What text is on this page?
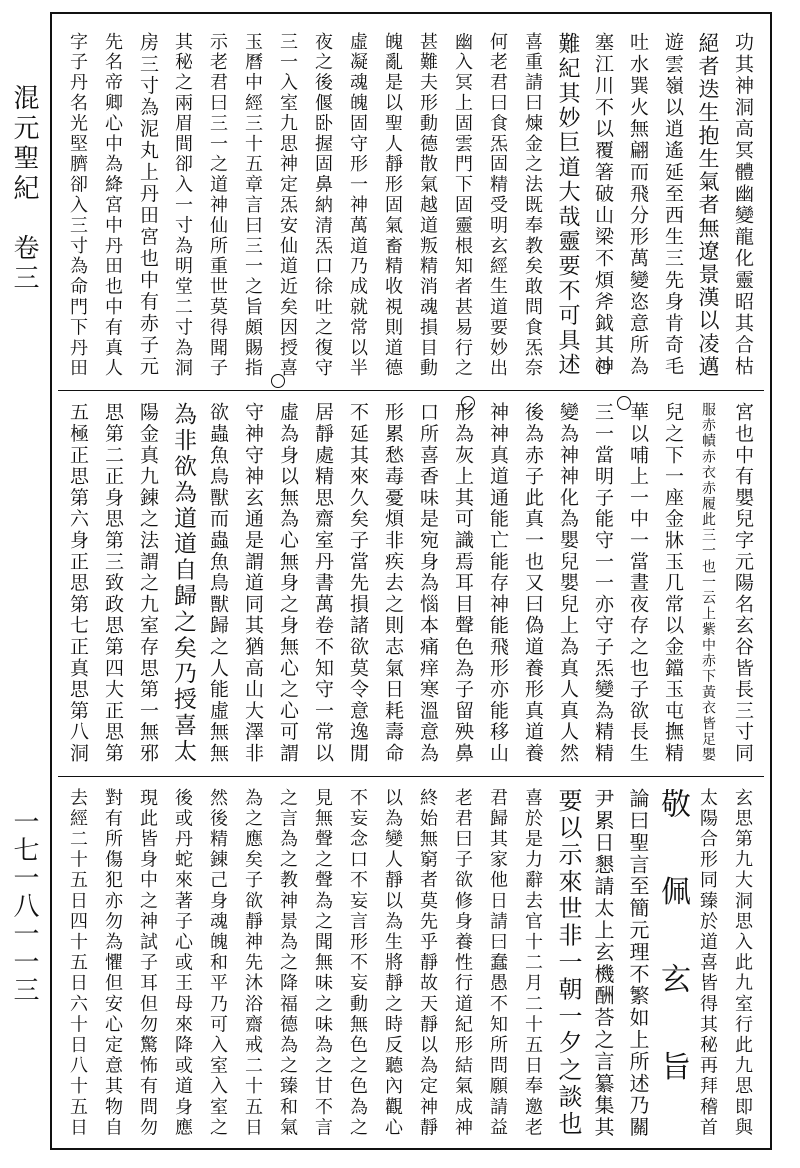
混元聖紀　卷三
一七一八一一三
功其神洞高冥體幽變龍化靈昭其合枯
絕者迭生抱生氣者無遼景漢以凌邁
遊雲嶺以逍遙延至西生三先身肯奇毛
吐水巽火無翩而飛分形萬變恣意所為
塞江川不以覆箸破山梁不煩斧鉞其神
難紀其妙巨道大哉靈要不可具述
喜重請曰煉金之法既奉教矣敢問食炁奈
何老君曰食炁固精受明玄經生道要妙出
幽入冥上固雲門下固靈根知者甚易行之
甚難夫形動德散氣越道叛精消魂損目動
魄亂是以聖人靜形固氣畜精收視則道德
虛凝魂魄固守形一神萬道乃成就常以半
夜之後偃卧握固鼻納清炁口徐吐之復守
三一入室九思神定炁安仙道近矣因授喜
玉曆中經三十五章言曰三一之旨頗賜指
示老君曰三一之道神仙所重世莫得聞子
其秘之兩眉間卻入一寸為明堂二寸為洞
房三寸為泥丸上丹田宮也中有赤子元
先名帝卿心中為絳宮中丹田也中有真人
字子丹名光堅臍卻入三寸為命門下丹田
宮也中有嬰兒字元陽名玄谷皆長三寸同
服赤幘赤衣赤履此三一也一云上紫中赤下黃衣皆足嬰
兒之下一座金牀玉几常以金鐺玉屯撫精
華以哺上一中一當晝夜存之也子欲長生
三一當明子能守一一亦守子炁變為精精
變為神神化為嬰兒嬰兒上為真人真人然
後為赤子此真一也又曰偽道養形真道養
神神真道通能亡能存神能飛形亦能移山
形為灰上其可識焉耳目聲色為子留殃鼻
口所喜香味是宛身為惱本痛痒寒溫意為
形累愁毒憂煩非疾去之則志氣日耗壽命
不延其來久矣子當先損諸欲莫令意逸閒
居靜處精思齋室丹書萬卷不知守一常以
虛為身以無為心無身之身無心之心可謂
守神守神玄通是謂道同其猶高山大澤非
欲蟲魚鳥獸而蟲魚鳥獸歸之人能虛無無
為非欲為道道自歸之矣乃授喜太
陽金真九錬之法謂之九室存思第一無邪
思第二正身思第三致政思第四大正思第
五極正思第六身正思第七正真思第八洞
玄思第九大洞思入此九室行此九思即與
太陽合形同臻於道喜皆得其秘再拜稽首
敬佩玄旨
論曰聖言至簡元理不繁如上所述乃關
尹累日懇請太上玄機酬荅之言纂集其
要以示來世非一朝一夕之談也
喜於是力辭去官十二月二十五日奉邀老
君歸其家他日請曰蠢愚不知所問願請益
老君曰子欲修身養性行道紀形結氣成神
終始無窮者莫先乎靜故天靜以為定神靜
以為變人靜以為生將靜之時反聽內觀心
不妄念口不妄言形不妄動無色之色為之
見無聲之聲為之聞無味之味為之甘不言
之言為之教神景為之降福德為之臻和氣
為之應矣子欲靜神先沐浴齋戒二十五日
然後精錬己身魂魄和平乃可入室入室之
後或丹蛇來著子心或王母來降或道身應
現此皆身中之神試子耳但勿驚怖有問勿
對有所傷犯亦勿為懼但安心定意其物自
去經二十五日四十五日六十日八十五日
